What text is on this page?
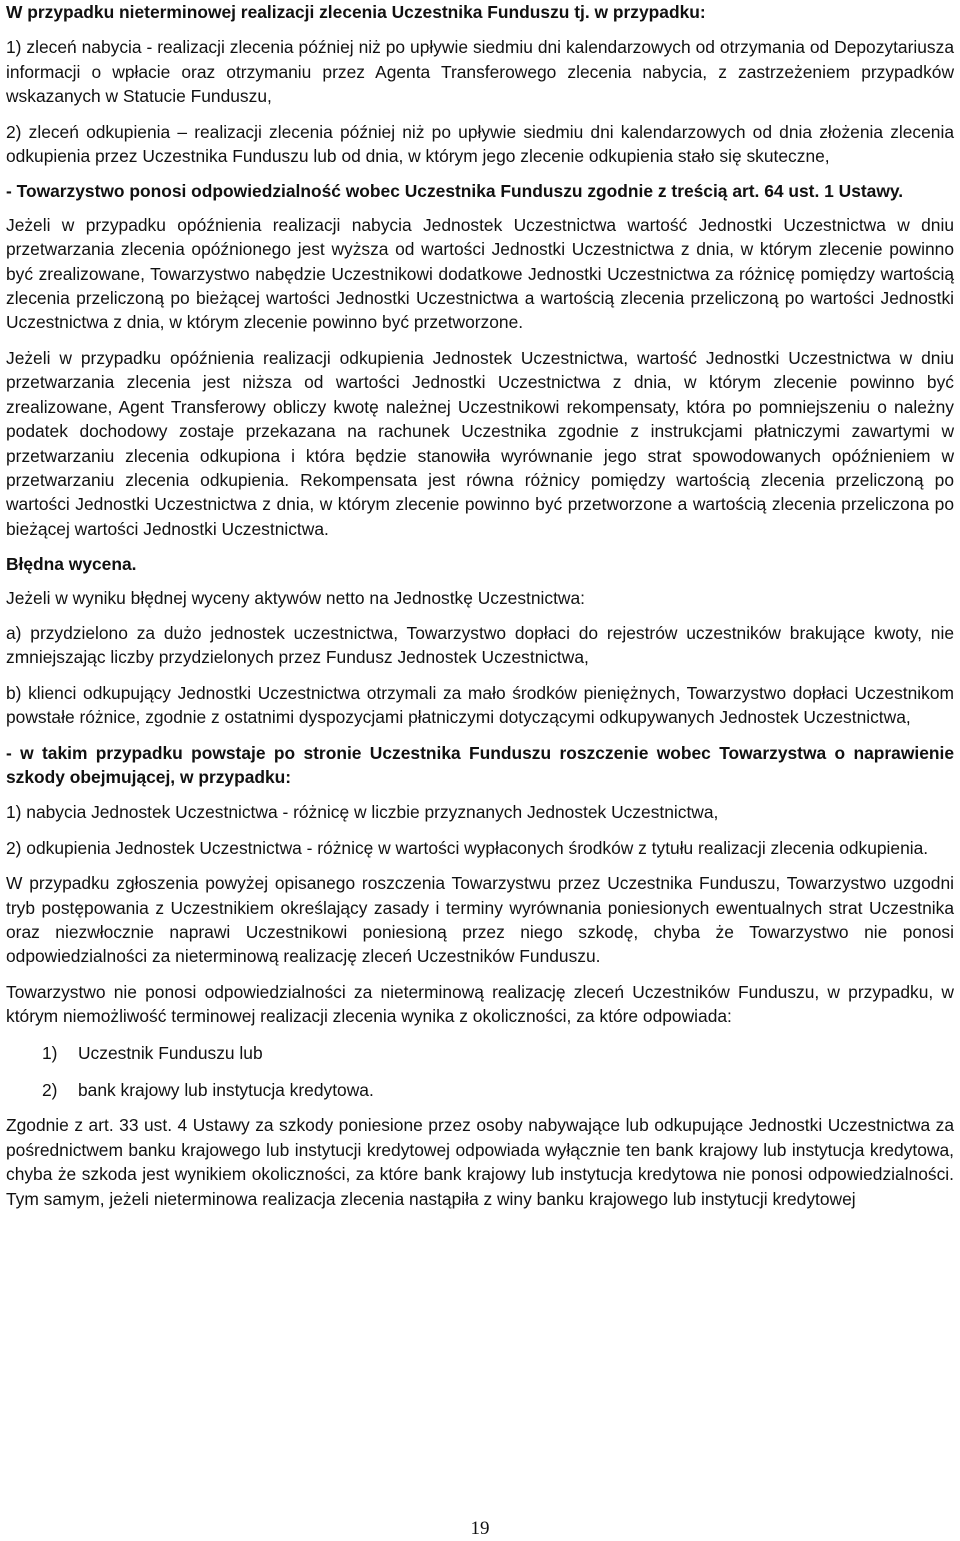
W przypadku nieterminowej realizacji zlecenia Uczestnika Funduszu tj. w przypadku:

1) zleceń nabycia - realizacji zlecenia później niż po upływie siedmiu dni kalendarzowych od otrzymania od Depozytariusza informacji o wpłacie oraz otrzymaniu przez Agenta Transferowego zlecenia nabycia, z zastrzeżeniem przypadków wskazanych w Statucie Funduszu,

2) zleceń odkupienia – realizacji zlecenia później niż po upływie siedmiu dni kalendarzowych od dnia złożenia zlecenia odkupienia przez Uczestnika Funduszu lub od dnia, w którym jego zlecenie odkupienia stało się skuteczne,

- Towarzystwo ponosi odpowiedzialność wobec Uczestnika Funduszu zgodnie z treścią art. 64 ust. 1 Ustawy.

Jeżeli w przypadku opóźnienia realizacji nabycia Jednostek Uczestnictwa wartość Jednostki Uczestnictwa w dniu przetwarzania zlecenia opóźnionego jest wyższa od wartości Jednostki Uczestnictwa z dnia, w którym zlecenie powinno być zrealizowane, Towarzystwo nabędzie Uczestnikowi dodatkowe Jednostki Uczestnictwa za różnicę pomiędzy wartością zlecenia przeliczoną po bieżącej wartości Jednostki Uczestnictwa a wartością zlecenia przeliczoną po wartości Jednostki Uczestnictwa z dnia, w którym zlecenie powinno być przetworzone.

Jeżeli w przypadku opóźnienia realizacji odkupienia Jednostek Uczestnictwa, wartość Jednostki Uczestnictwa w dniu przetwarzania zlecenia jest niższa od wartości Jednostki Uczestnictwa z dnia, w którym zlecenie powinno być zrealizowane, Agent Transferowy obliczy kwotę należnej Uczestnikowi rekompensaty, która po pomniejszeniu o należny podatek dochodowy zostaje przekazana na rachunek Uczestnika zgodnie z instrukcjami płatniczymi zawartymi w przetwarzaniu zlecenia odkupiona i która będzie stanowiła wyrównanie jego strat spowodowanych opóźnieniem w przetwarzaniu zlecenia odkupienia. Rekompensata jest równa różnicy pomiędzy wartością zlecenia przeliczoną po wartości Jednostki Uczestnictwa z dnia, w którym zlecenie powinno być przetworzone a wartością zlecenia przeliczona po bieżącej wartości Jednostki Uczestnictwa.

Błędna wycena.

Jeżeli w wyniku błędnej wyceny aktywów netto na Jednostkę Uczestnictwa:

a) przydzielono za dużo jednostek uczestnictwa, Towarzystwo dopłaci do rejestrów uczestników brakujące kwoty, nie zmniejszając liczby przydzielonych przez Fundusz Jednostek Uczestnictwa,

b) klienci odkupujący Jednostki Uczestnictwa otrzymali za mało środków pieniężnych, Towarzystwo dopłaci Uczestnikom powstałe różnice, zgodnie z ostatnimi dyspozycjami płatniczymi dotyczącymi odkupywanych Jednostek Uczestnictwa,

- w takim przypadku powstaje po stronie Uczestnika Funduszu roszczenie wobec Towarzystwa o naprawienie szkody obejmującej, w przypadku:

1) nabycia Jednostek Uczestnictwa - różnicę w liczbie przyznanych Jednostek Uczestnictwa,

2) odkupienia Jednostek Uczestnictwa - różnicę w wartości wypłaconych środków z tytułu realizacji zlecenia odkupienia.

W przypadku zgłoszenia powyżej opisanego roszczenia Towarzystwu przez Uczestnika Funduszu, Towarzystwo uzgodni tryb postępowania z Uczestnikiem określający zasady i terminy wyrównania poniesionych ewentualnych strat Uczestnika oraz niezwłocznie naprawi Uczestnikowi poniesioną przez niego szkodę, chyba że Towarzystwo nie ponosi odpowiedzialności za nieterminową realizację zleceń Uczestników Funduszu.

Towarzystwo nie ponosi odpowiedzialności za nieterminową realizację zleceń Uczestników Funduszu, w przypadku, w którym niemożliwość terminowej realizacji zlecenia wynika z okoliczności, za które odpowiada:

1)	Uczestnik Funduszu lub
2)	bank krajowy lub instytucja kredytowa.

Zgodnie z art. 33 ust. 4 Ustawy za szkody poniesione przez osoby nabywające lub odkupujące Jednostki Uczestnictwa za pośrednictwem banku krajowego lub instytucji kredytowej odpowiada wyłącznie ten bank krajowy lub instytucja kredytowa, chyba że szkoda jest wynikiem okoliczności, za które bank krajowy lub instytucja kredytowa nie ponosi odpowiedzialności. Tym samym, jeżeli nieterminowa realizacja zlecenia nastąpiła z winy banku krajowego lub instytucji kredytowej

19
